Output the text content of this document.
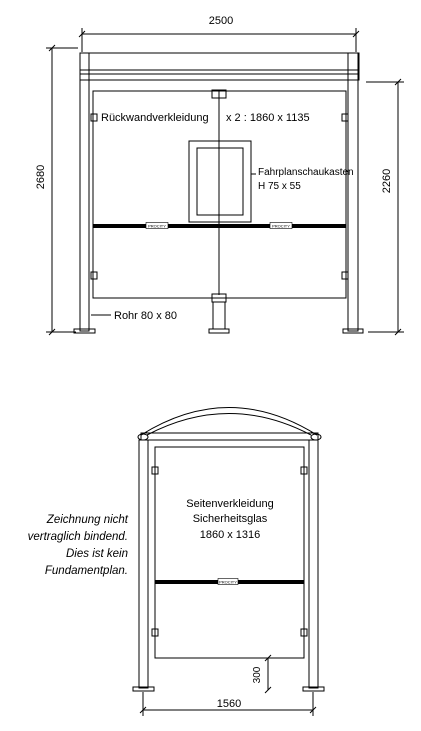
PROCITY	PROCITY
2500
2680	2260
Rückwandverkleidung x 2 : 1860 x 1135
Fahrplanschaukasten
H 75 x 55
Rohr 80 x 80
PROCITY
Seitenverkleidung
Sicherheitsglas
1860 x 1316
300
1560
Zeichnung nicht
vertraglich bindend.
Dies ist kein
Fundamentplan.
